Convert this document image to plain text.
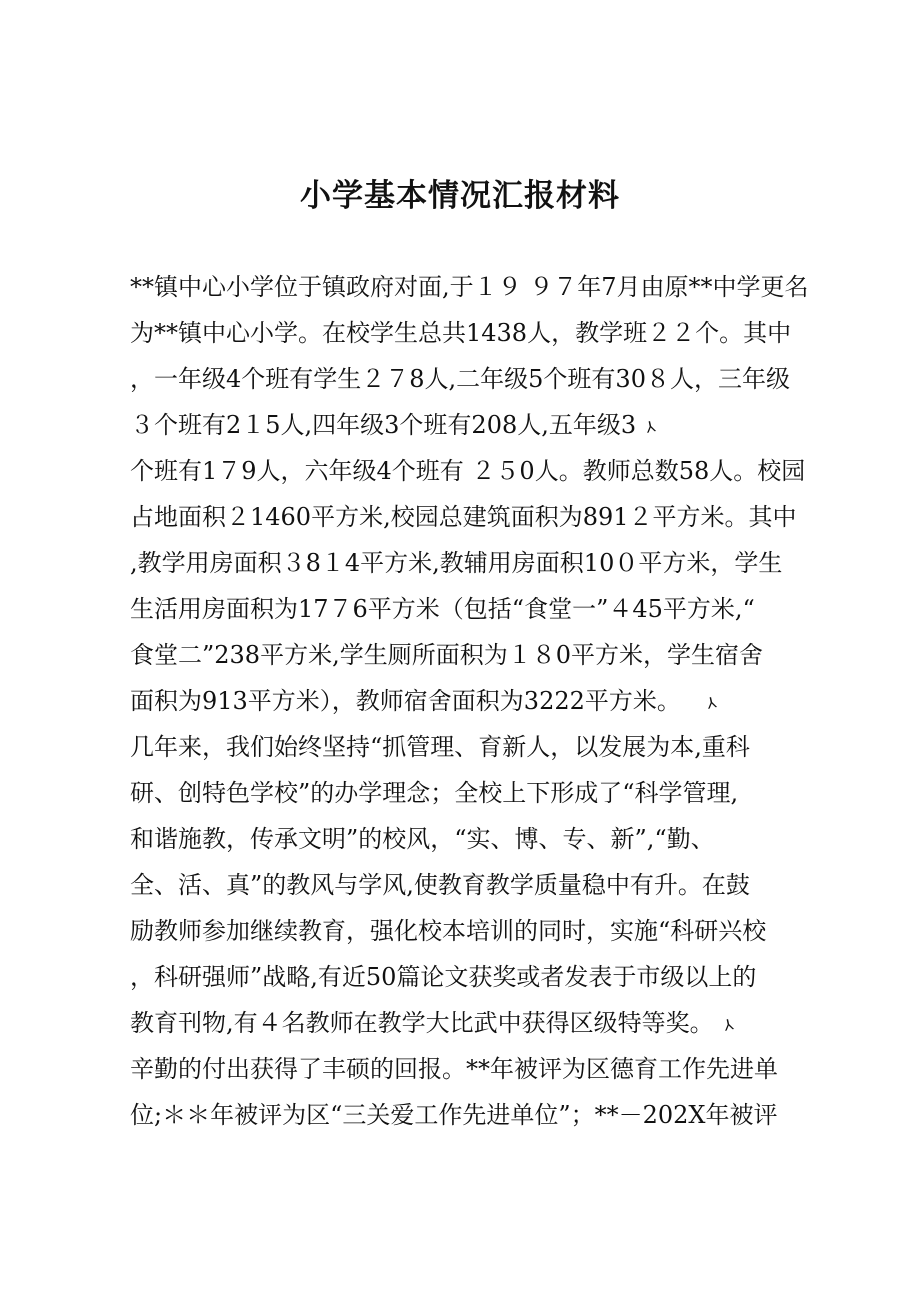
小学基本情况汇报材料
**镇中心小学位于镇政府对面,于１９ ９７年7月由原**中学更名
为**镇中心小学。在校学生总共1438人，教学班２２个。其中
，一年级4个班有学生２７8人,二年级5个班有30８人，三年级
３个班有2１5人,四年级3个班有208人,五年级3 ⅄
个班有1７9人，六年级4个班有 ２５0人。教师总数58人。校园
占地面积２1460平方米,校园总建筑面积为891２平方米。其中
,教学用房面积３8１4平方米,教辅用房面积10０平方米，学生
生活用房面积为17７6平方米（包括“食堂一”４45平方米,“
食堂二”238平方米,学生厕所面积为１８0平方米，学生宿舍
面积为913平方米），教师宿舍面积为3222平方米。 ⅄
几年来，我们始终坚持“抓管理、育新人，以发展为本,重科
研、创特色学校”的办学理念；全校上下形成了“科学管理,
和谐施教，传承文明”的校风，“实、博、专、新”,“勤、
全、活、真”的教风与学风,使教育教学质量稳中有升。在鼓
励教师参加继续教育，强化校本培训的同时，实施“科研兴校
，科研强师”战略,有近50篇论文获奖或者发表于市级以上的
教育刊物,有４名教师在教学大比武中获得区级特等奖。 ⅄
辛勤的付出获得了丰硕的回报。**年被评为区德育工作先进单
位;＊＊年被评为区“三关爱工作先进单位”；**－202X年被评
